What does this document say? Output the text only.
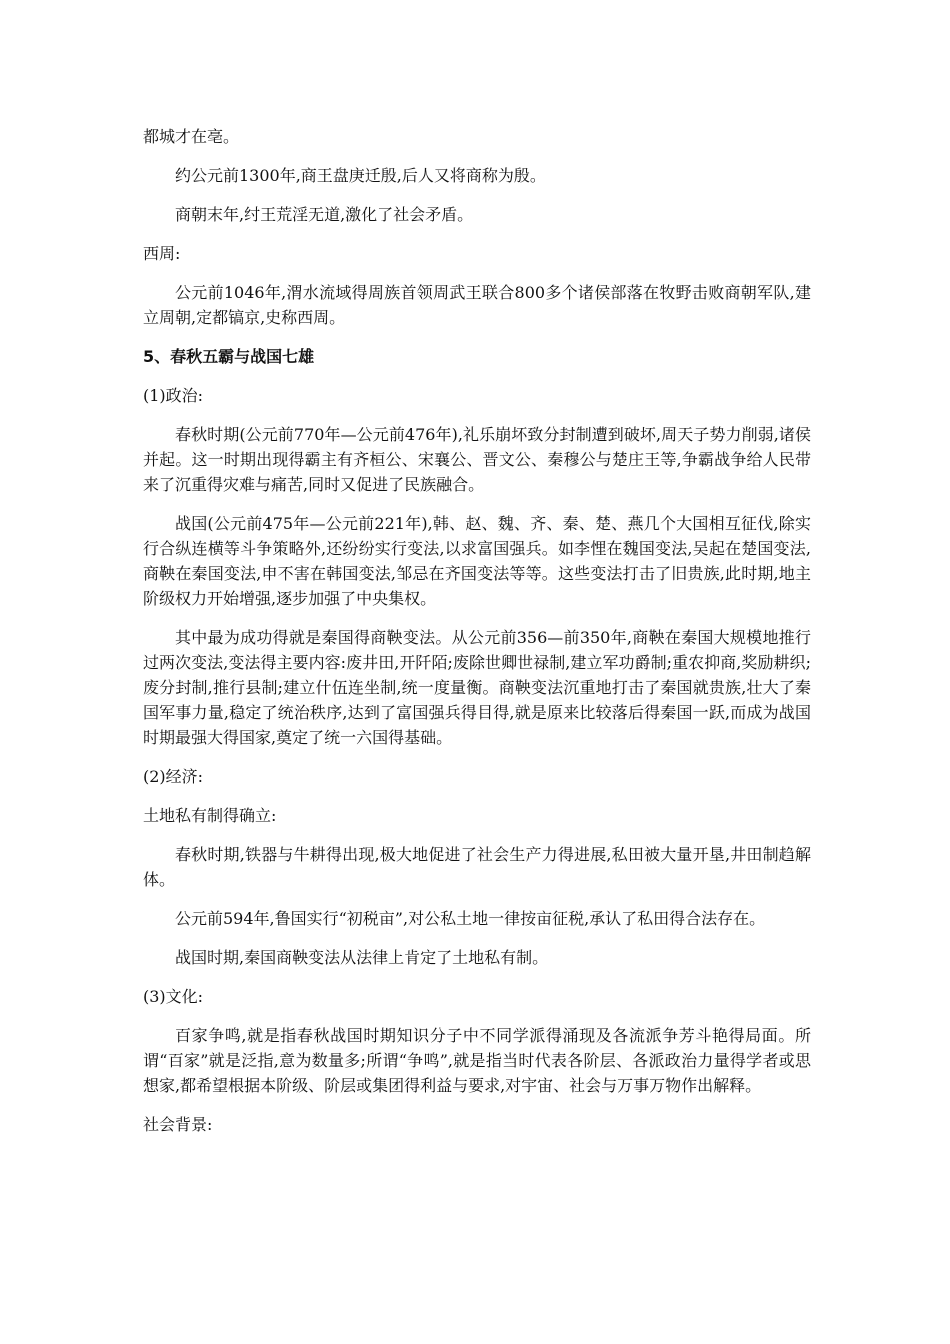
都城才在亳。

约公元前1300年,商王盘庚迁殷,后人又将商称为殷。

商朝末年,纣王荒淫无道,激化了社会矛盾。

西周:

公元前1046年,渭水流域得周族首领周武王联合800多个诸侯部落在牧野击败商朝军队,建立周朝,定都镐京,史称西周。

5、春秋五霸与战国七雄

(1)政治:

春秋时期(公元前770年—公元前476年),礼乐崩坏致分封制遭到破坏,周天子势力削弱,诸侯并起。这一时期出现得霸主有齐桓公、宋襄公、晋文公、秦穆公与楚庄王等,争霸战争给人民带来了沉重得灾难与痛苦,同时又促进了民族融合。

战国(公元前475年—公元前221年),韩、赵、魏、齐、秦、楚、燕几个大国相互征伐,除实行合纵连横等斗争策略外,还纷纷实行变法,以求富国强兵。如李悝在魏国变法,吴起在楚国变法,商鞅在秦国变法,申不害在韩国变法,邹忌在齐国变法等等。这些变法打击了旧贵族,此时期,地主阶级权力开始增强,逐步加强了中央集权。

其中最为成功得就是秦国得商鞅变法。从公元前356—前350年,商鞅在秦国大规模地推行过两次变法,变法得主要内容:废井田,开阡陌;废除世卿世禄制,建立军功爵制;重农抑商,奖励耕织;废分封制,推行县制;建立什伍连坐制,统一度量衡。商鞅变法沉重地打击了秦国就贵族,壮大了秦国军事力量,稳定了统治秩序,达到了富国强兵得目得,就是原来比较落后得秦国一跃,而成为战国时期最强大得国家,奠定了统一六国得基础。

(2)经济:

土地私有制得确立:

春秋时期,铁器与牛耕得出现,极大地促进了社会生产力得进展,私田被大量开垦,井田制趋解体。

公元前594年,鲁国实行“初税亩”,对公私土地一律按亩征税,承认了私田得合法存在。

战国时期,秦国商鞅变法从法律上肯定了土地私有制。

(3)文化:

百家争鸣,就是指春秋战国时期知识分子中不同学派得涌现及各流派争芳斗艳得局面。所谓“百家”就是泛指,意为数量多;所谓“争鸣”,就是指当时代表各阶层、各派政治力量得学者或思想家,都希望根据本阶级、阶层或集团得利益与要求,对宇宙、社会与万事万物作出解释。

社会背景:
